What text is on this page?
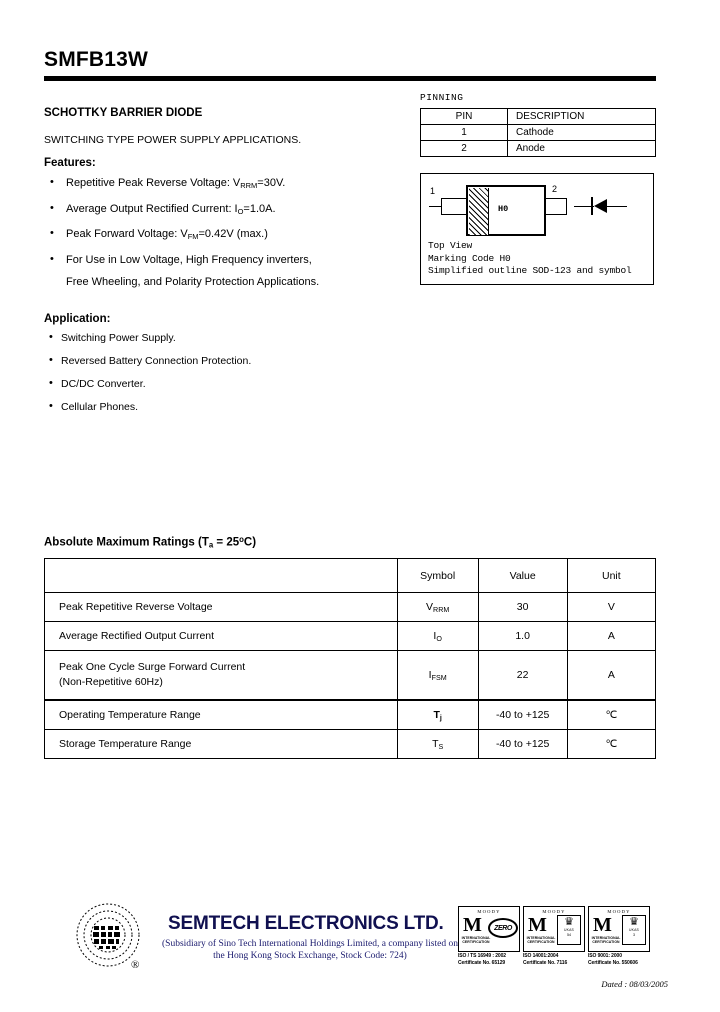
SMFB13W
SCHOTTKY BARRIER DIODE
SWITCHING TYPE POWER SUPPLY APPLICATIONS.
Features:
• Repetitive Peak Reverse Voltage: $V_{RRM}=30V$.
• Average Output Rectified Current: $I_O=1.0A$.
• Peak Forward Voltage: $V_{FM}=0.42V$ (max.)
• For Use in Low Voltage, High Frequency inverters,
Free Wheeling, and Polarity Protection Applications.
Application:
• Switching Power Supply.
• Reversed Battery Connection Protection.
• DC/DC Converter.
• Cellular Phones.
PINNING
PIN	DESCRIPTION
1	Cathode
2	Anode
1	2
H0
Top View
Marking Code H0
Simplified outline SOD-123 and symbol
Absolute Maximum Ratings $(T_a = 25^oC)$
	Symbol	Value	Unit
Peak Repetitive Reverse Voltage	$V_{RRM}$	30	V
Average Rectified Output Current	$I_O$	1.0	A

Peak One Cycle Surge Forward Current
(Non-Repetitive 60Hz)	$I_{FSM}$	22	A
Operating Temperature Range	$T_j$	-40 to +125	℃
Storage Temperature Range	$T_S$	-40 to +125	℃
®
SEMTECH ELECTRONICS LTD.
(Subsidiary of Sino Tech International Holdings Limited, a company listed on the Hong Kong Stock Exchange, Stock Code: 724)
MOODY
M
INTERNATIONAL CERTIFICATION
ZERO
ISO / TS 16949 : 2002
Certificate No. 65129
MOODY
M
INTERNATIONAL CERTIFICATION
♛
UKAS
54
ISO 14001:2004
Certificate No. 7116
MOODY
M
INTERNATIONAL CERTIFICATION
♛
UKAS
3
ISO 9001: 2000
Certificate No. 550606
Dated : 08/03/2005
